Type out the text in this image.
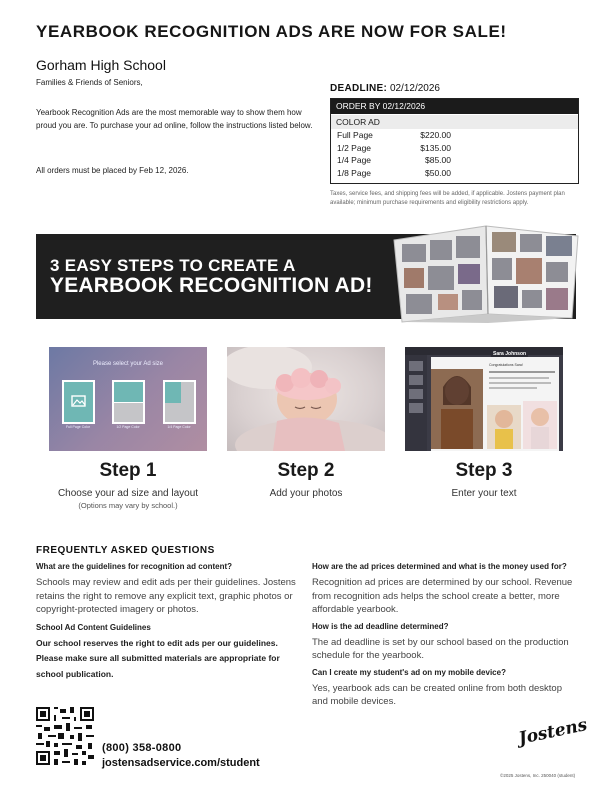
YEARBOOK RECOGNITION ADS ARE NOW FOR SALE!
Gorham High School
Families & Friends of Seniors,
Yearbook Recognition Ads are the most memorable way to show them how proud you are. To purchase your ad online, follow the instructions listed below.
All orders must be placed by Feb 12, 2026.
DEADLINE: 02/12/2026
ORDER BY 02/12/2026
COLOR AD
Full Page	$220.00
1/2 Page	$135.00
1/4 Page	$85.00
1/8 Page	$50.00
Taxes, service fees, and shipping fees will be added, if applicable. Jostens payment plan available; minimum purchase requirements and eligibility restrictions apply.
3 EASY STEPS TO CREATE A
YEARBOOK RECOGNITION AD!
Please select your Ad size
Full Page Color	1/2 Page Color	1/4 Page Color
Sara Johnson
Congratulations Sara!
Step 1
Choose your ad size and layout
(Options may vary by school.)
Step 2
Add your photos
Step 3
Enter your text
FREQUENTLY ASKED QUESTIONS
What are the guidelines for recognition ad content?
Schools may review and edit ads per their guidelines. Jostens retains the right to remove any explicit text, graphic photos or copyright-protected imagery or photos.
School Ad Content Guidelines
Our school reserves the right to edit ads per our guidelines. Please make sure all submitted materials are appropriate for school publication.
How are the ad prices determined and what is the money used for?
Recognition ad prices are determined by our school. Revenue from recognition ads helps the school create a better, more affordable yearbook.
How is the ad deadline determined?
The ad deadline is set by our school based on the production schedule for the yearbook.
Can I create my student's ad on my mobile device?
Yes, yearbook ads can be created online from both desktop and mobile devices.
(800) 358-0800
jostensadservice.com/student
Jostens
©2025 Jostens, Inc. 250040 (student)
